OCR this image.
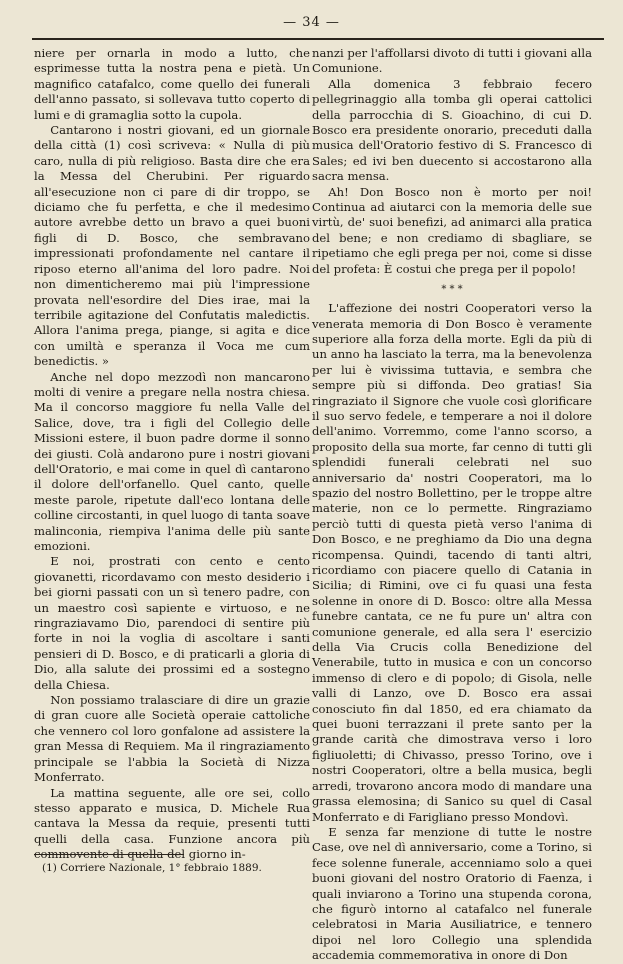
— 34 —

niere per ornarla in modo a lutto, che esprimesse tutta la nostra pena e pietà. Un magnifico catafalco, come quello dei funerali dell'anno passato, si sollevava tutto coperto di lumi e di gramaglia sotto la cupola.

Cantarono i nostri giovani, ed un giornale della città (1) così scriveva: « Nulla di più caro, nulla di più religioso. Basta dire che era la Messa del Cherubini. Per riguardo all'esecuzione non ci pare di dir troppo, se diciamo che fu perfetta, e che il medesimo autore avrebbe detto un bravo a quei buoni figli di D. Bosco, che sembravano impressionati profondamente nel cantare il riposo eterno all'anima del loro padre. Noi non dimenticheremo mai più l'impressione provata nell'esordire del Dies irae, mai la terribile agitazione del Confutatis maledictis. Allora l'anima prega, piange, si agita e dice con umiltà e speranza il Voca me cum benedictis. »

Anche nel dopo mezzodì non mancarono molti di venire a pregare nella nostra chiesa. Ma il concorso maggiore fu nella Valle del Salice, dove, tra i figli del Collegio delle Missioni estere, il buon padre dorme il sonno dei giusti. Colà andarono pure i nostri giovani dell'Oratorio, e mai come in quel dì cantarono il dolore dell'orfanello. Quel canto, quelle meste parole, ripetute dall'eco lontana delle colline circostanti, in quel luogo di tanta soave malinconia, riempiva l'anima delle più sante emozioni.

E noi, prostrati con cento e cento giovanetti, ricordavamo con mesto desiderio i bei giorni passati con un sì tenero padre, con un maestro così sapiente e virtuoso, e ne ringraziavamo Dio, parendoci di sentire più forte in noi la voglia di ascoltare i santi pensieri di D. Bosco, e di praticarli a gloria di Dio, alla salute dei prossimi ed a sostegno della Chiesa.

Non possiamo tralasciare di dire un grazie di gran cuore alle Società operaie cattoliche che vennero col loro gonfalone ad assistere la gran Messa di Requiem. Ma il ringraziamento principale se l'abbia la Società di Nizza Monferrato.

La mattina seguente, alle ore sei, collo stesso apparato e musica, D. Michele Rua cantava la Messa da requie, presenti tutti quelli della casa. Funzione ancora più commovente di quella del giorno in-

nanzi per l'affollarsi divoto di tutti i giovani alla Comunione.

Alla domenica 3 febbraio fecero pellegrinaggio alla tomba gli operai cattolici della parrocchia di S. Gioachino, di cui D. Bosco era presidente onorario, preceduti dalla musica dell'Oratorio festivo di S. Francesco di Sales; ed ivi ben duecento si accostarono alla sacra mensa.

Ah! Don Bosco non è morto per noi! Continua ad aiutarci con la memoria delle sue virtù, de' suoi benefizi, ad animarci alla pratica del bene; e non crediamo di sbagliare, se ripetiamo che egli prega per noi, come si disse del profeta: È costui che prega per il popolo!

* * *

L'affezione dei nostri Cooperatori verso la venerata memoria di Don Bosco è veramente superiore alla forza della morte. Egli da più di un anno ha lasciato la terra, ma la benevolenza per lui è vivissima tuttavia, e sembra che sempre più si diffonda. Deo gratias! Sia ringraziato il Signore che vuole così glorificare il suo servo fedele, e temperare a noi il dolore dell'animo. Vorremmo, come l'anno scorso, a proposito della sua morte, far cenno di tutti gli splendidi funerali celebrati nel suo anniversario da' nostri Cooperatori, ma lo spazio del nostro Bollettino, per le troppe altre materie, non ce lo permette. Ringraziamo perciò tutti di questa pietà verso l'anima di Don Bosco, e ne preghiamo da Dio una degna ricompensa. Quindi, tacendo di tanti altri, ricordiamo con piacere quello di Catania in Sicilia; di Rimini, ove ci fu quasi una festa solenne in onore di D. Bosco: oltre alla Messa funebre cantata, ce ne fu pure un' altra con comunione generale, ed alla sera l' esercizio della Via Crucis colla Benedizione del Venerabile, tutto in musica e con un concorso immenso di clero e di popolo; di Gisola, nelle valli di Lanzo, ove D. Bosco era assai conosciuto fin dal 1850, ed era chiamato da quei buoni terrazzani il prete santo per la grande carità che dimostrava verso i loro figliuoletti; di Chivasso, presso Torino, ove i nostri Cooperatori, oltre a bella musica, begli arredi, trovarono ancora modo di mandare una grassa elemosina; di Sanico su quel di Casal Monferrato e di Farigliano presso Mondovì.

E senza far menzione di tutte le nostre Case, ove nel dì anniversario, come a Torino, si fece solenne funerale, accenniamo solo a quei buoni giovani del nostro Oratorio di Faenza, i quali inviarono a Torino una stupenda corona, che figurò intorno al catafalco nel funerale celebratosi in Maria Ausiliatrice, e tennero dipoi nel loro Collegio una splendida accademia commemorativa in onore di Don

(1) Corriere Nazionale, 1° febbraio 1889.
